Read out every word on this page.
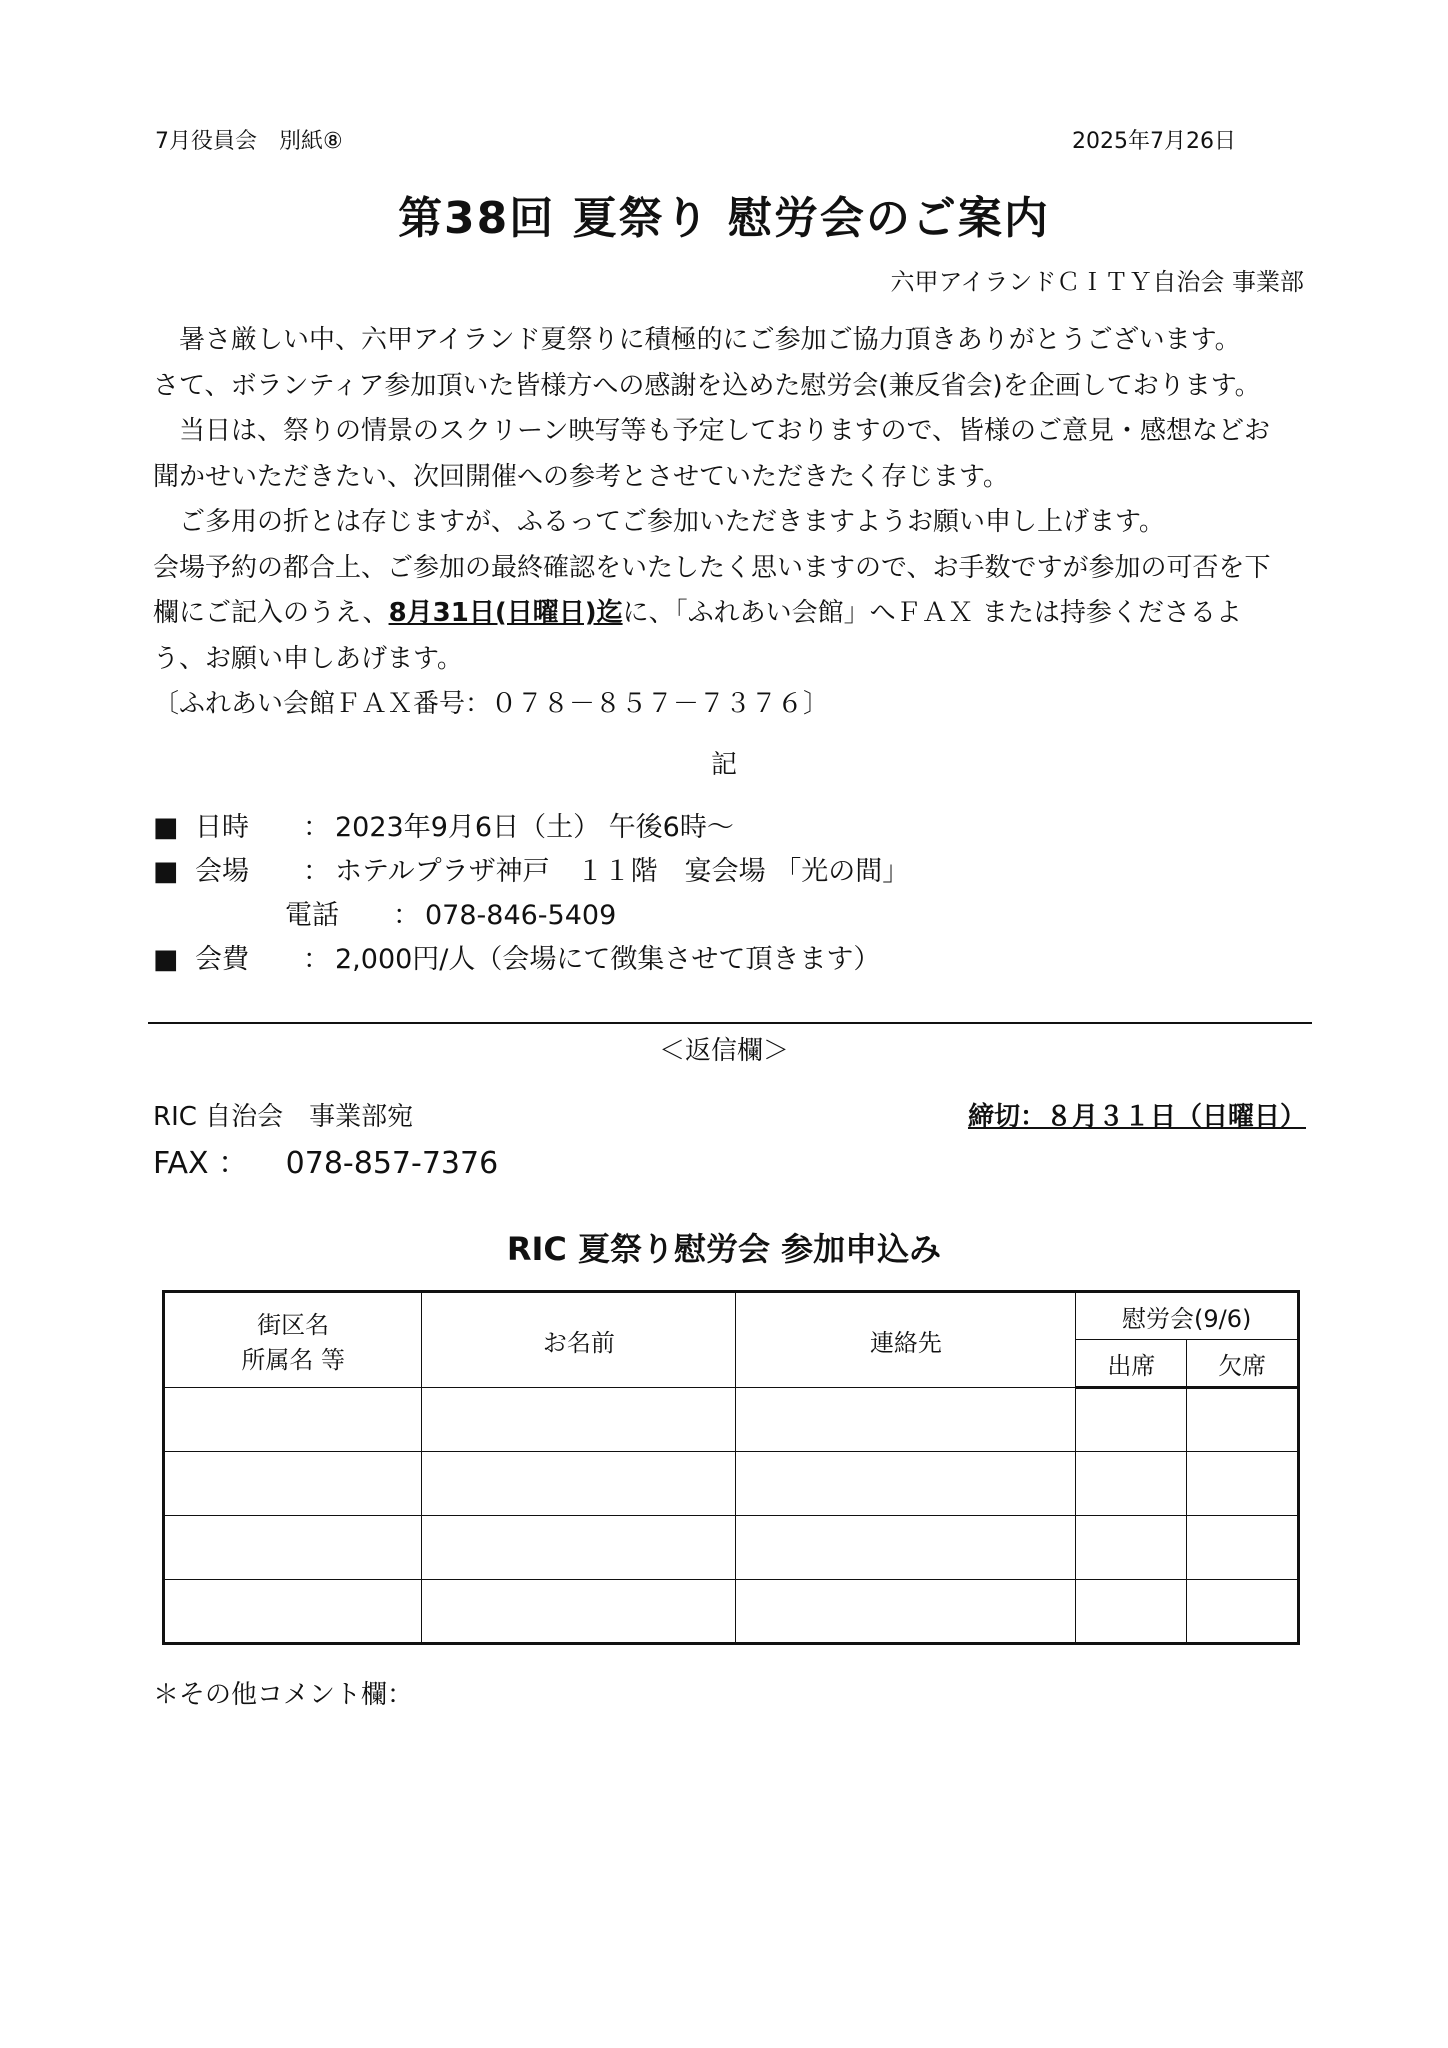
7月役員会　別紙⑧	2025年7月26日
第38回 夏祭り 慰労会のご案内
六甲アイランドＣＩＴＹ自治会 事業部

暑さ厳しい中、六甲アイランド夏祭りに積極的にご参加ご協力頂きありがとうございます。

さて、ボランティア参加頂いた皆様方への感謝を込めた慰労会(兼反省会)を企画しております。

当日は、祭りの情景のスクリーン映写等も予定しておりますので、皆様のご意見・感想などお

聞かせいただきたい、次回開催への参考とさせていただきたく存じます。

ご多用の折とは存じますが、ふるってご参加いただきますようお願い申し上げます。

会場予約の都合上、ご参加の最終確認をいたしたく思いますので、お手数ですが参加の可否を下

欄にご記入のうえ、8月31日(日曜日)迄に、「ふれあい会館」へＦＡＸ または持参くださるよ

う、お願い申しあげます。

〔ふれあい会館ＦＡＸ番号：０７８－８５７－７３７６〕

記
■ 日時	： 2023年9月6日（土） 午後6時～
■ 会場	： ホテルプラザ神戸　１１階　宴会場 「光の間」
電話	： 078-846-5409
■ 会費	： 2,000円/人（会場にて徴集させて頂きます）
＜返信欄＞
RIC 自治会　事業部宛	締切：８月３１日（日曜日）
FAX ： 078-857-7376
RIC 夏祭り慰労会 参加申込み
街区名
所属名 等	お名前	連絡先	慰労会(9/6)	
			出席	欠席

＊その他コメント欄：
